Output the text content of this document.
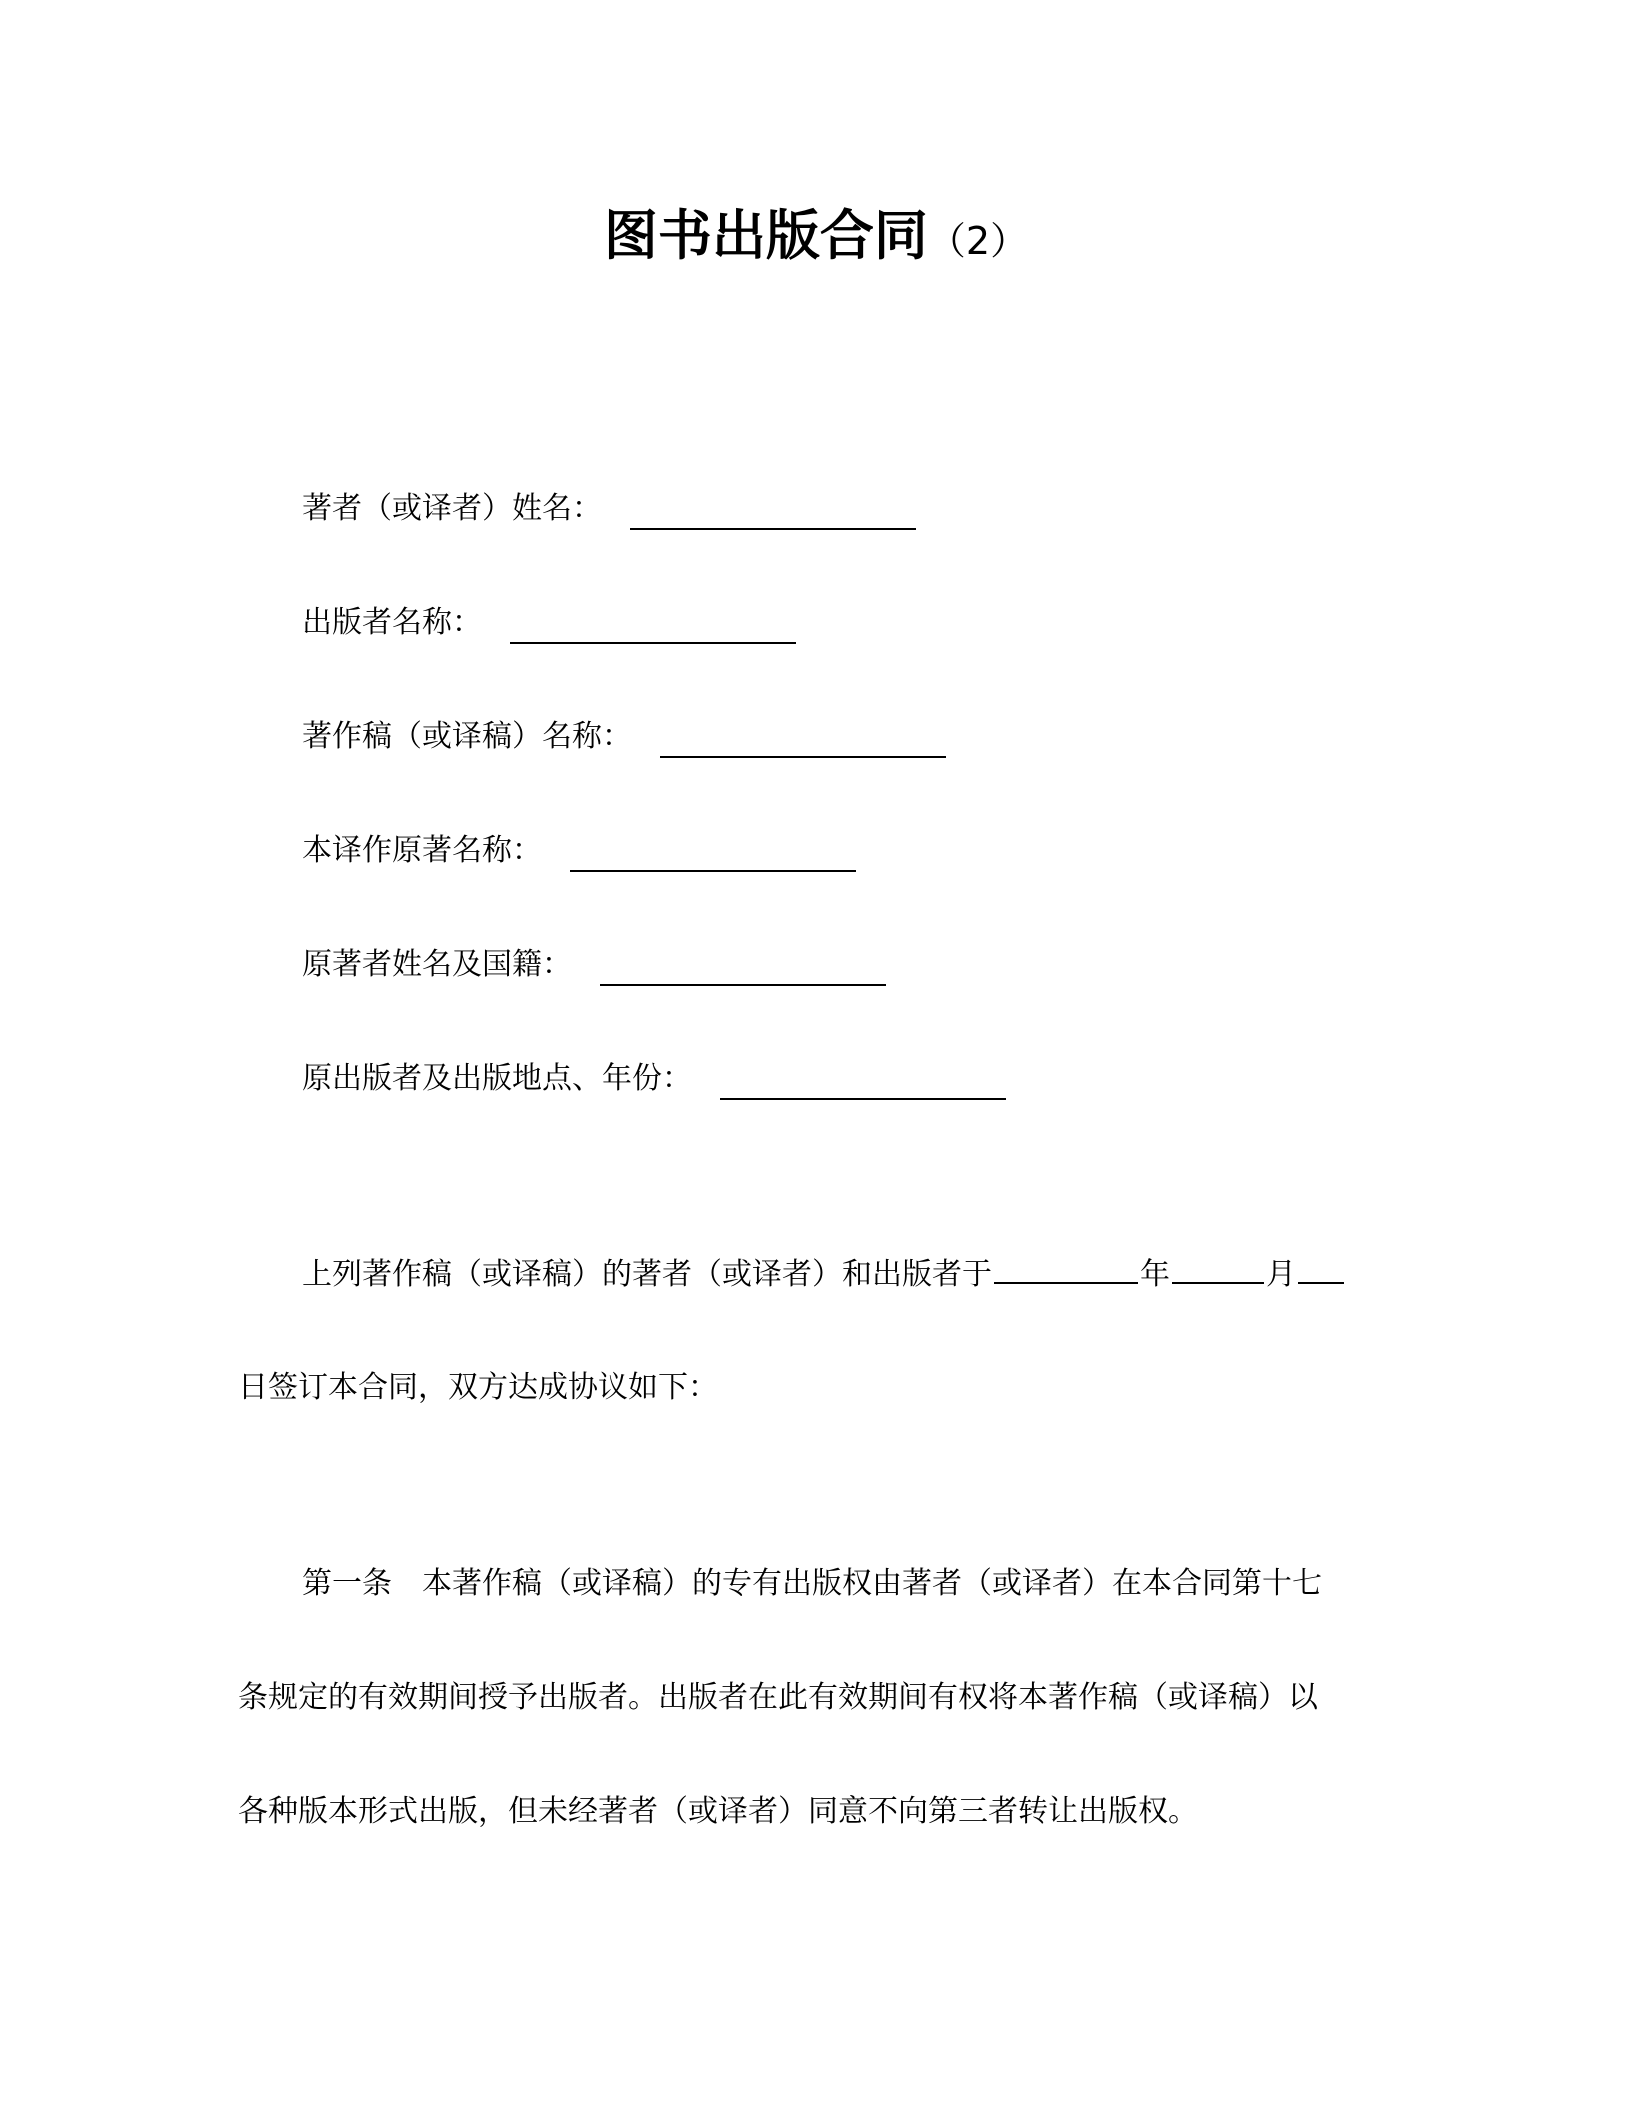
图书出版合同（2）
著者（或译者）姓名：
出版者名称：
著作稿（或译稿）名称：
本译作原著名称：
原著者姓名及国籍：
原出版者及出版地点、年份：
上列著作稿（或译稿）的著者（或译者）和出版者于	年	月
日签订本合同，双方达成协议如下：
第一条 本著作稿（或译稿）的专有出版权由著者（或译者）在本合同第十七
条规定的有效期间授予出版者。出版者在此有效期间有权将本著作稿（或译稿）以
各种版本形式出版，但未经著者（或译者）同意不向第三者转让出版权。
